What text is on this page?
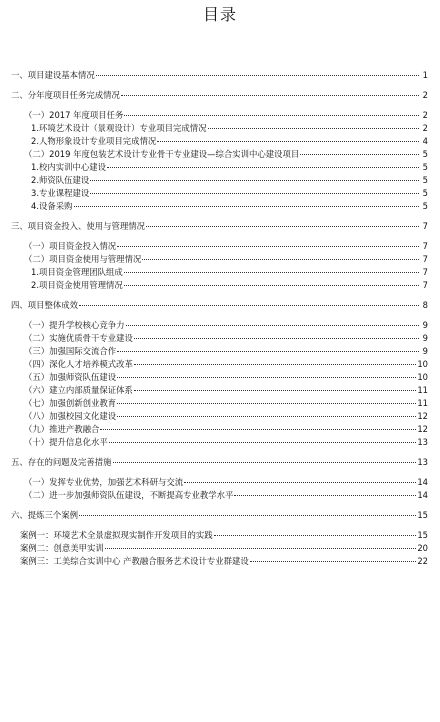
目录
一、项目建设基本情况	1
二、分年度项目任务完成情况	2
（一）2017 年度项目任务	2
1.环境艺术设计（景观设计）专业项目完成情况	2
2.人物形象设计专业项目完成情况	4
（二）2019 年度包装艺术设计专业骨干专业建设—综合实训中心建设项目	5
1.校内实训中心建设	5
2.师资队伍建设	5
3.专业课程建设	5
4.设备采购	5
三、项目资金投入、使用与管理情况	7
（一）项目资金投入情况	7
（二）项目资金使用与管理情况	7
1.项目资金管理团队组成	7
2.项目资金使用管理情况	7
四、项目整体成效	8
（一）提升学校核心竞争力	9
（二）实施优质骨干专业建设	9
（三）加强国际交流合作	9
（四）深化人才培养模式改革	10
（五）加强师资队伍建设	10
（六）建立内部质量保证体系	11
（七）加强创新创业教育	11
（八）加强校园文化建设	12
（九）推进产教融合	12
（十）提升信息化水平	13
五、存在的问题及完善措施	13
（一）发挥专业优势，加强艺术科研与交流	14
（二）进一步加强师资队伍建设，不断提高专业教学水平	14
六、提炼三个案例	15
案例一：环境艺术全景虚拟现实制作开发项目的实践	15
案例二：创意美甲实训	20
案例三：工美综合实训中心 产教融合服务艺术设计专业群建设	22
